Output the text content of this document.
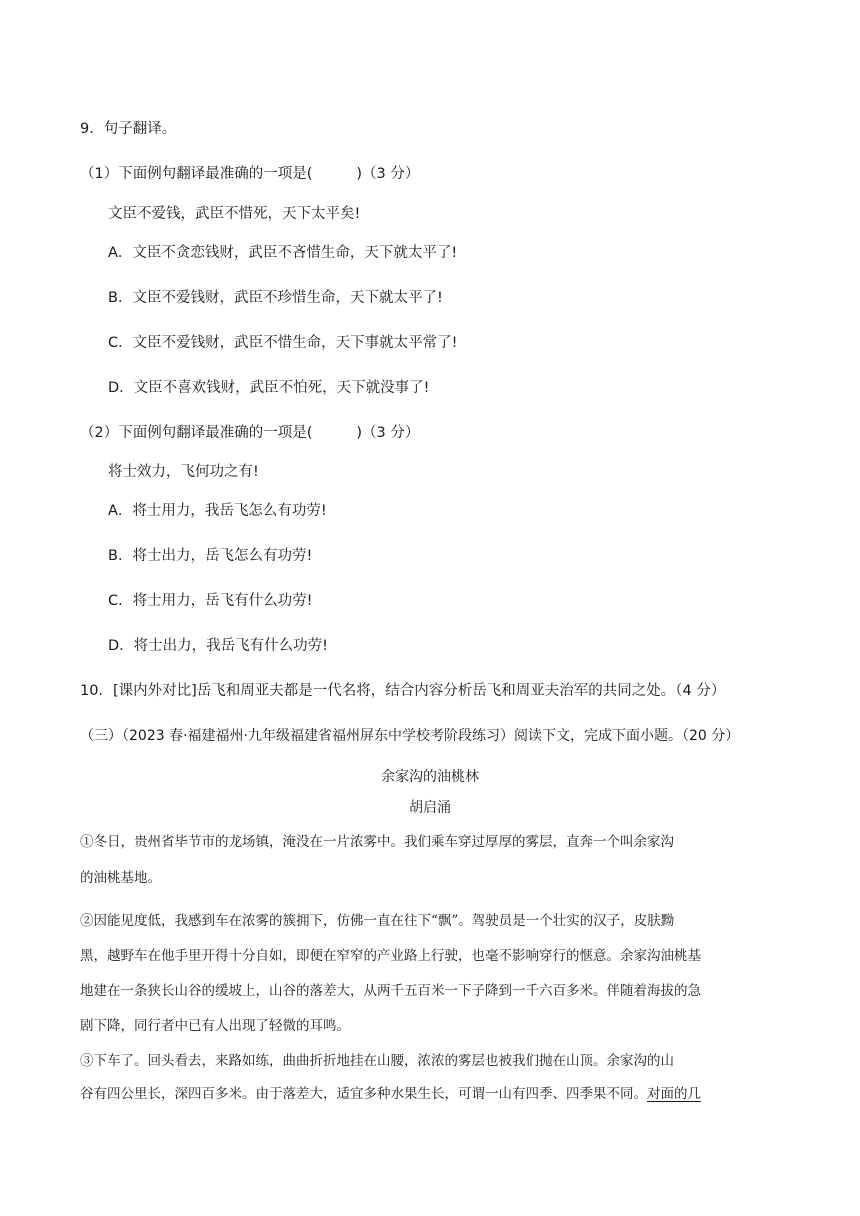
9．句子翻译。
（1）下面例句翻译最准确的一项是(	)（3 分）
文臣不爱钱，武臣不惜死，天下太平矣!
A．文臣不贪恋钱财，武臣不吝惜生命，天下就太平了!
B．文臣不爱钱财，武臣不珍惜生命，天下就太平了!
C．文臣不爱钱财，武臣不惜生命，天下事就太平常了!
D．文臣不喜欢钱财，武臣不怕死，天下就没事了!
（2）下面例句翻译最准确的一项是(	)（3 分）
将士效力，飞何功之有!
A．将士用力，我岳飞怎么有功劳!
B．将士出力，岳飞怎么有功劳!
C．将士用力，岳飞有什么功劳!
D．将士出力，我岳飞有什么功劳!
10．[课内外对比]岳飞和周亚夫都是一代名将，结合内容分析岳飞和周亚夫治军的共同之处。（4 分）
（三）（2023 春·福建福州·九年级福建省福州屏东中学校考阶段练习）阅读下文，完成下面小题。（20 分）
余家沟的油桃林
胡启涌
①冬日，贵州省毕节市的龙场镇，淹没在一片浓雾中。我们乘车穿过厚厚的雾层，直奔一个叫余家沟
的油桃基地。
②因能见度低，我感到车在浓雾的簇拥下，仿佛一直在往下“飘”。驾驶员是一个壮实的汉子，皮肤黝
黑，越野车在他手里开得十分自如，即便在窄窄的产业路上行驶，也毫不影响穿行的惬意。余家沟油桃基
地建在一条狭长山谷的缓坡上，山谷的落差大，从两千五百米一下子降到一千六百多米。伴随着海拔的急
剧下降，同行者中已有人出现了轻微的耳鸣。
③下车了。回头看去，来路如练，曲曲折折地挂在山腰，浓浓的雾层也被我们抛在山顶。余家沟的山
谷有四公里长，深四百多米。由于落差大，适宜多种水果生长，可谓一山有四季、四季果不同。对面的几
